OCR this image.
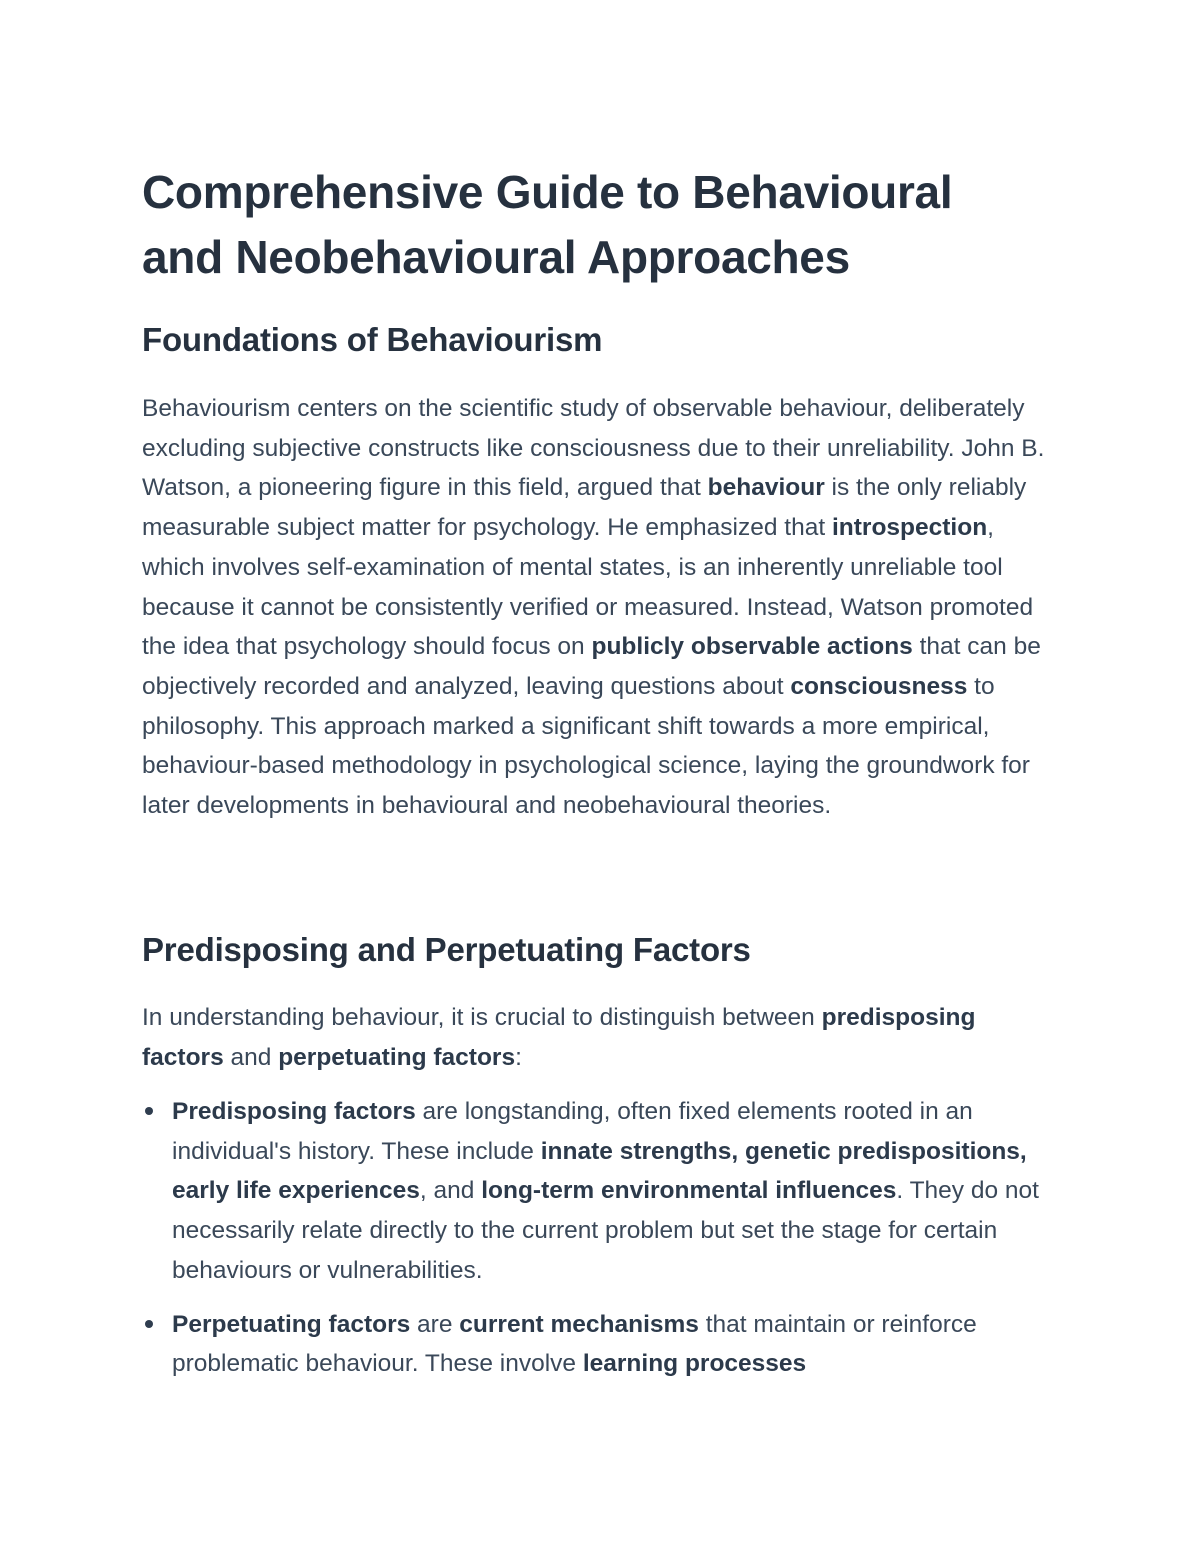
Comprehensive Guide to Behavioural and Neobehavioural Approaches
Foundations of Behaviourism

Behaviourism centers on the scientific study of observable behaviour, deliberately excluding subjective constructs like consciousness due to their unreliability. John B. Watson, a pioneering figure in this field, argued that behaviour is the only reliably measurable subject matter for psychology. He emphasized that introspection, which involves self-examination of mental states, is an inherently unreliable tool because it cannot be consistently verified or measured. Instead, Watson promoted the idea that psychology should focus on publicly observable actions that can be objectively recorded and analyzed, leaving questions about consciousness to philosophy. This approach marked a significant shift towards a more empirical, behaviour-based methodology in psychological science, laying the groundwork for later developments in behavioural and neobehavioural theories.

Predisposing and Perpetuating Factors

In understanding behaviour, it is crucial to distinguish between predisposing factors and perpetuating factors:

Predisposing factors are longstanding, often fixed elements rooted in an individual's history. These include innate strengths, genetic predispositions, early life experiences, and long-term environmental influences. They do not necessarily relate directly to the current problem but set the stage for certain behaviours or vulnerabilities.

Perpetuating factors are current mechanisms that maintain or reinforce problematic behaviour. These involve learning processes
